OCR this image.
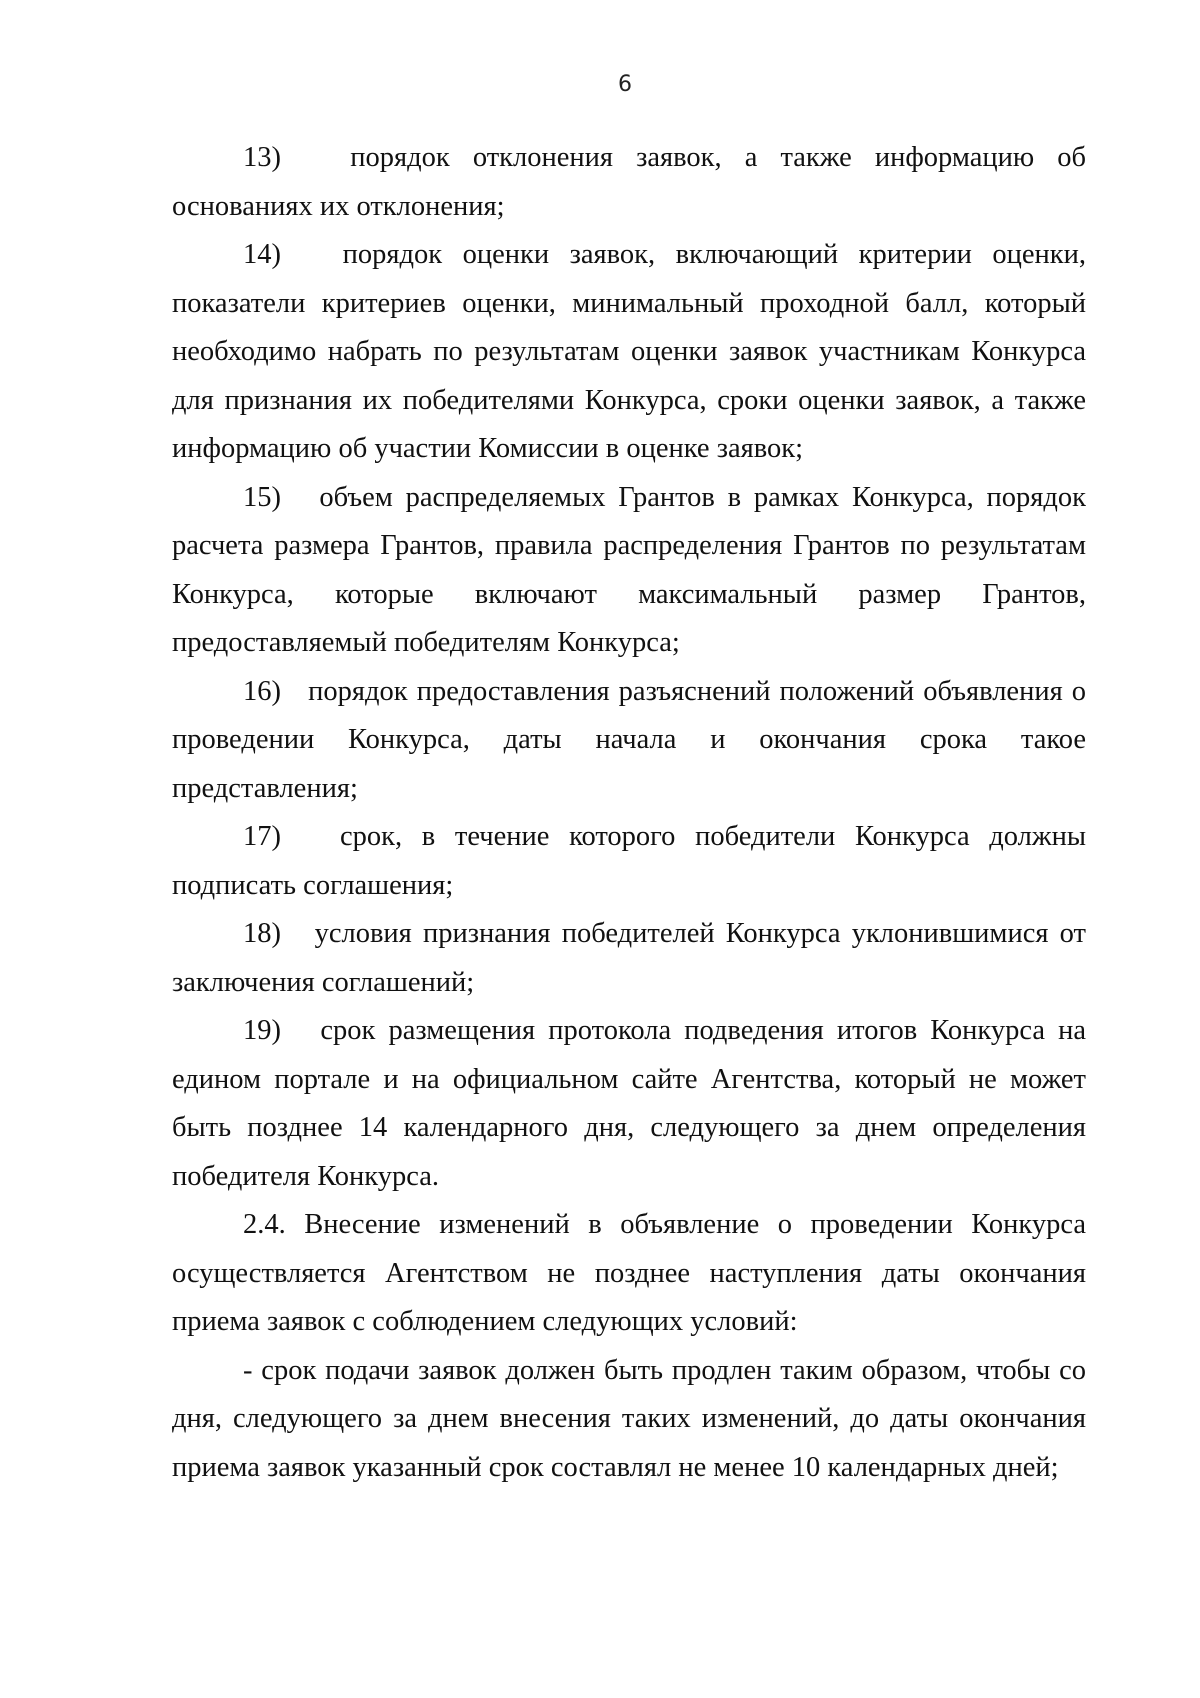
6

13)   порядок отклонения заявок, а также информацию об основаниях их отклонения;

14)   порядок оценки заявок, включающий критерии оценки, показатели критериев оценки, минимальный проходной балл, который необходимо набрать по результатам оценки заявок участникам Конкурса для признания их победителями Конкурса, сроки оценки заявок, а также информацию об участии Комиссии в оценке заявок;

15)   объем распределяемых Грантов в рамках Конкурса, порядок расчета размера Грантов, правила распределения Грантов по результатам Конкурса, которые включают максимальный размер Грантов, предоставляемый победителям Конкурса;

16)   порядок предоставления разъяснений положений объявления о проведении Конкурса, даты начала и окончания срока такое представления;

17)   срок, в течение которого победители Конкурса должны подписать соглашения;

18)   условия признания победителей Конкурса уклонившимися от заключения соглашений;

19)   срок размещения протокола подведения итогов Конкурса на едином портале и на официальном сайте Агентства, который не может быть позднее 14 календарного дня, следующего за днем определения победителя Конкурса.

2.4. Внесение изменений в объявление о проведении Конкурса осуществляется Агентством не позднее наступления даты окончания приема заявок с соблюдением следующих условий:

- срок подачи заявок должен быть продлен таким образом, чтобы со дня, следующего за днем внесения таких изменений, до даты окончания приема заявок указанный срок составлял не менее 10 календарных дней;
